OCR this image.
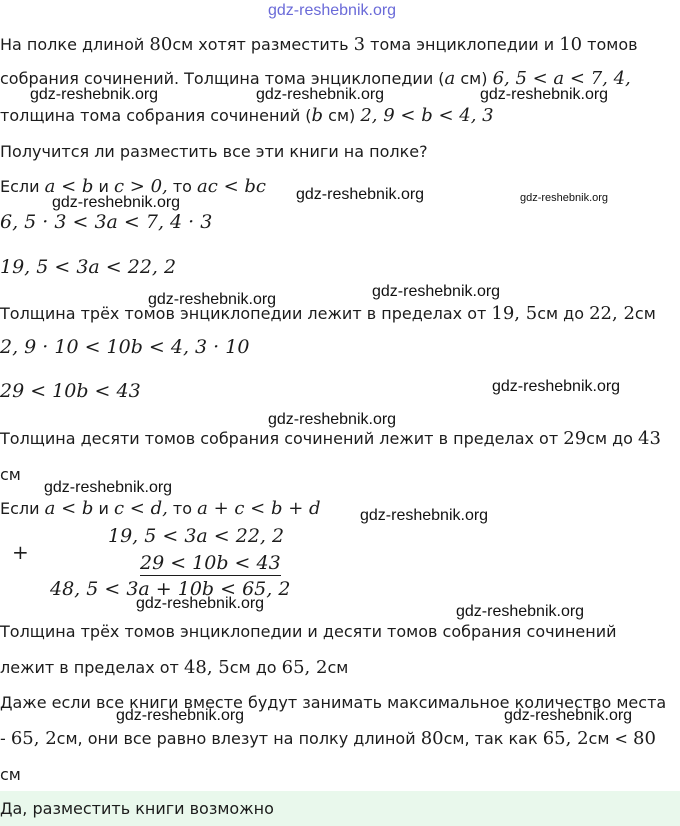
gdz-reshebnik.org
На полке длиной 80см хотят разместить 3 тома энциклопедии и 10 томов
собрания сочинений. Толщина тома энциклопедии (a см) 6, 5 < a < 7, 4,
gdz-reshebnik.org	gdz-reshebnik.org	gdz-reshebnik.org
толщина тома собрания сочинений (b см) 2, 9 < b < 4, 3
Получится ли разместить все эти книги на полке?
Если a < b и c > 0, то ac < bc gdz-reshebnik.org	gdz-reshebnik.org
gdz-reshebnik.org
6, 5 · 3 < 3a < 7, 4 · 3
19, 5 < 3a < 22, 2
gdz-reshebnik.org
gdz-reshebnik.org
Толщина трёх томов энциклопедии лежит в пределах от 19, 5см до 22, 2см
2, 9 · 10 < 10b < 4, 3 · 10
gdz-reshebnik.org
29 < 10b < 43
gdz-reshebnik.org
Толщина десяти томов собрания сочинений лежит в пределах от 29см до 43
см
gdz-reshebnik.org
Если a < b и c < d, то a + c < b + d gdz-reshebnik.org
+
19, 5 < 3a < 22, 2
29 < 10b < 43
48, 5 < 3a + 10b < 65, 2
gdz-reshebnik.org	gdz-reshebnik.org
Толщина трёх томов энциклопедии и десяти томов собрания сочинений
лежит в пределах от 48, 5см до 65, 2см
Даже если все книги вместе будут занимать максимальное количество места
gdz-reshebnik.org	gdz-reshebnik.org
- 65, 2см, они все равно влезут на полку длиной 80см, так как 65, 2см < 80
см
Да, разместить книги возможно
